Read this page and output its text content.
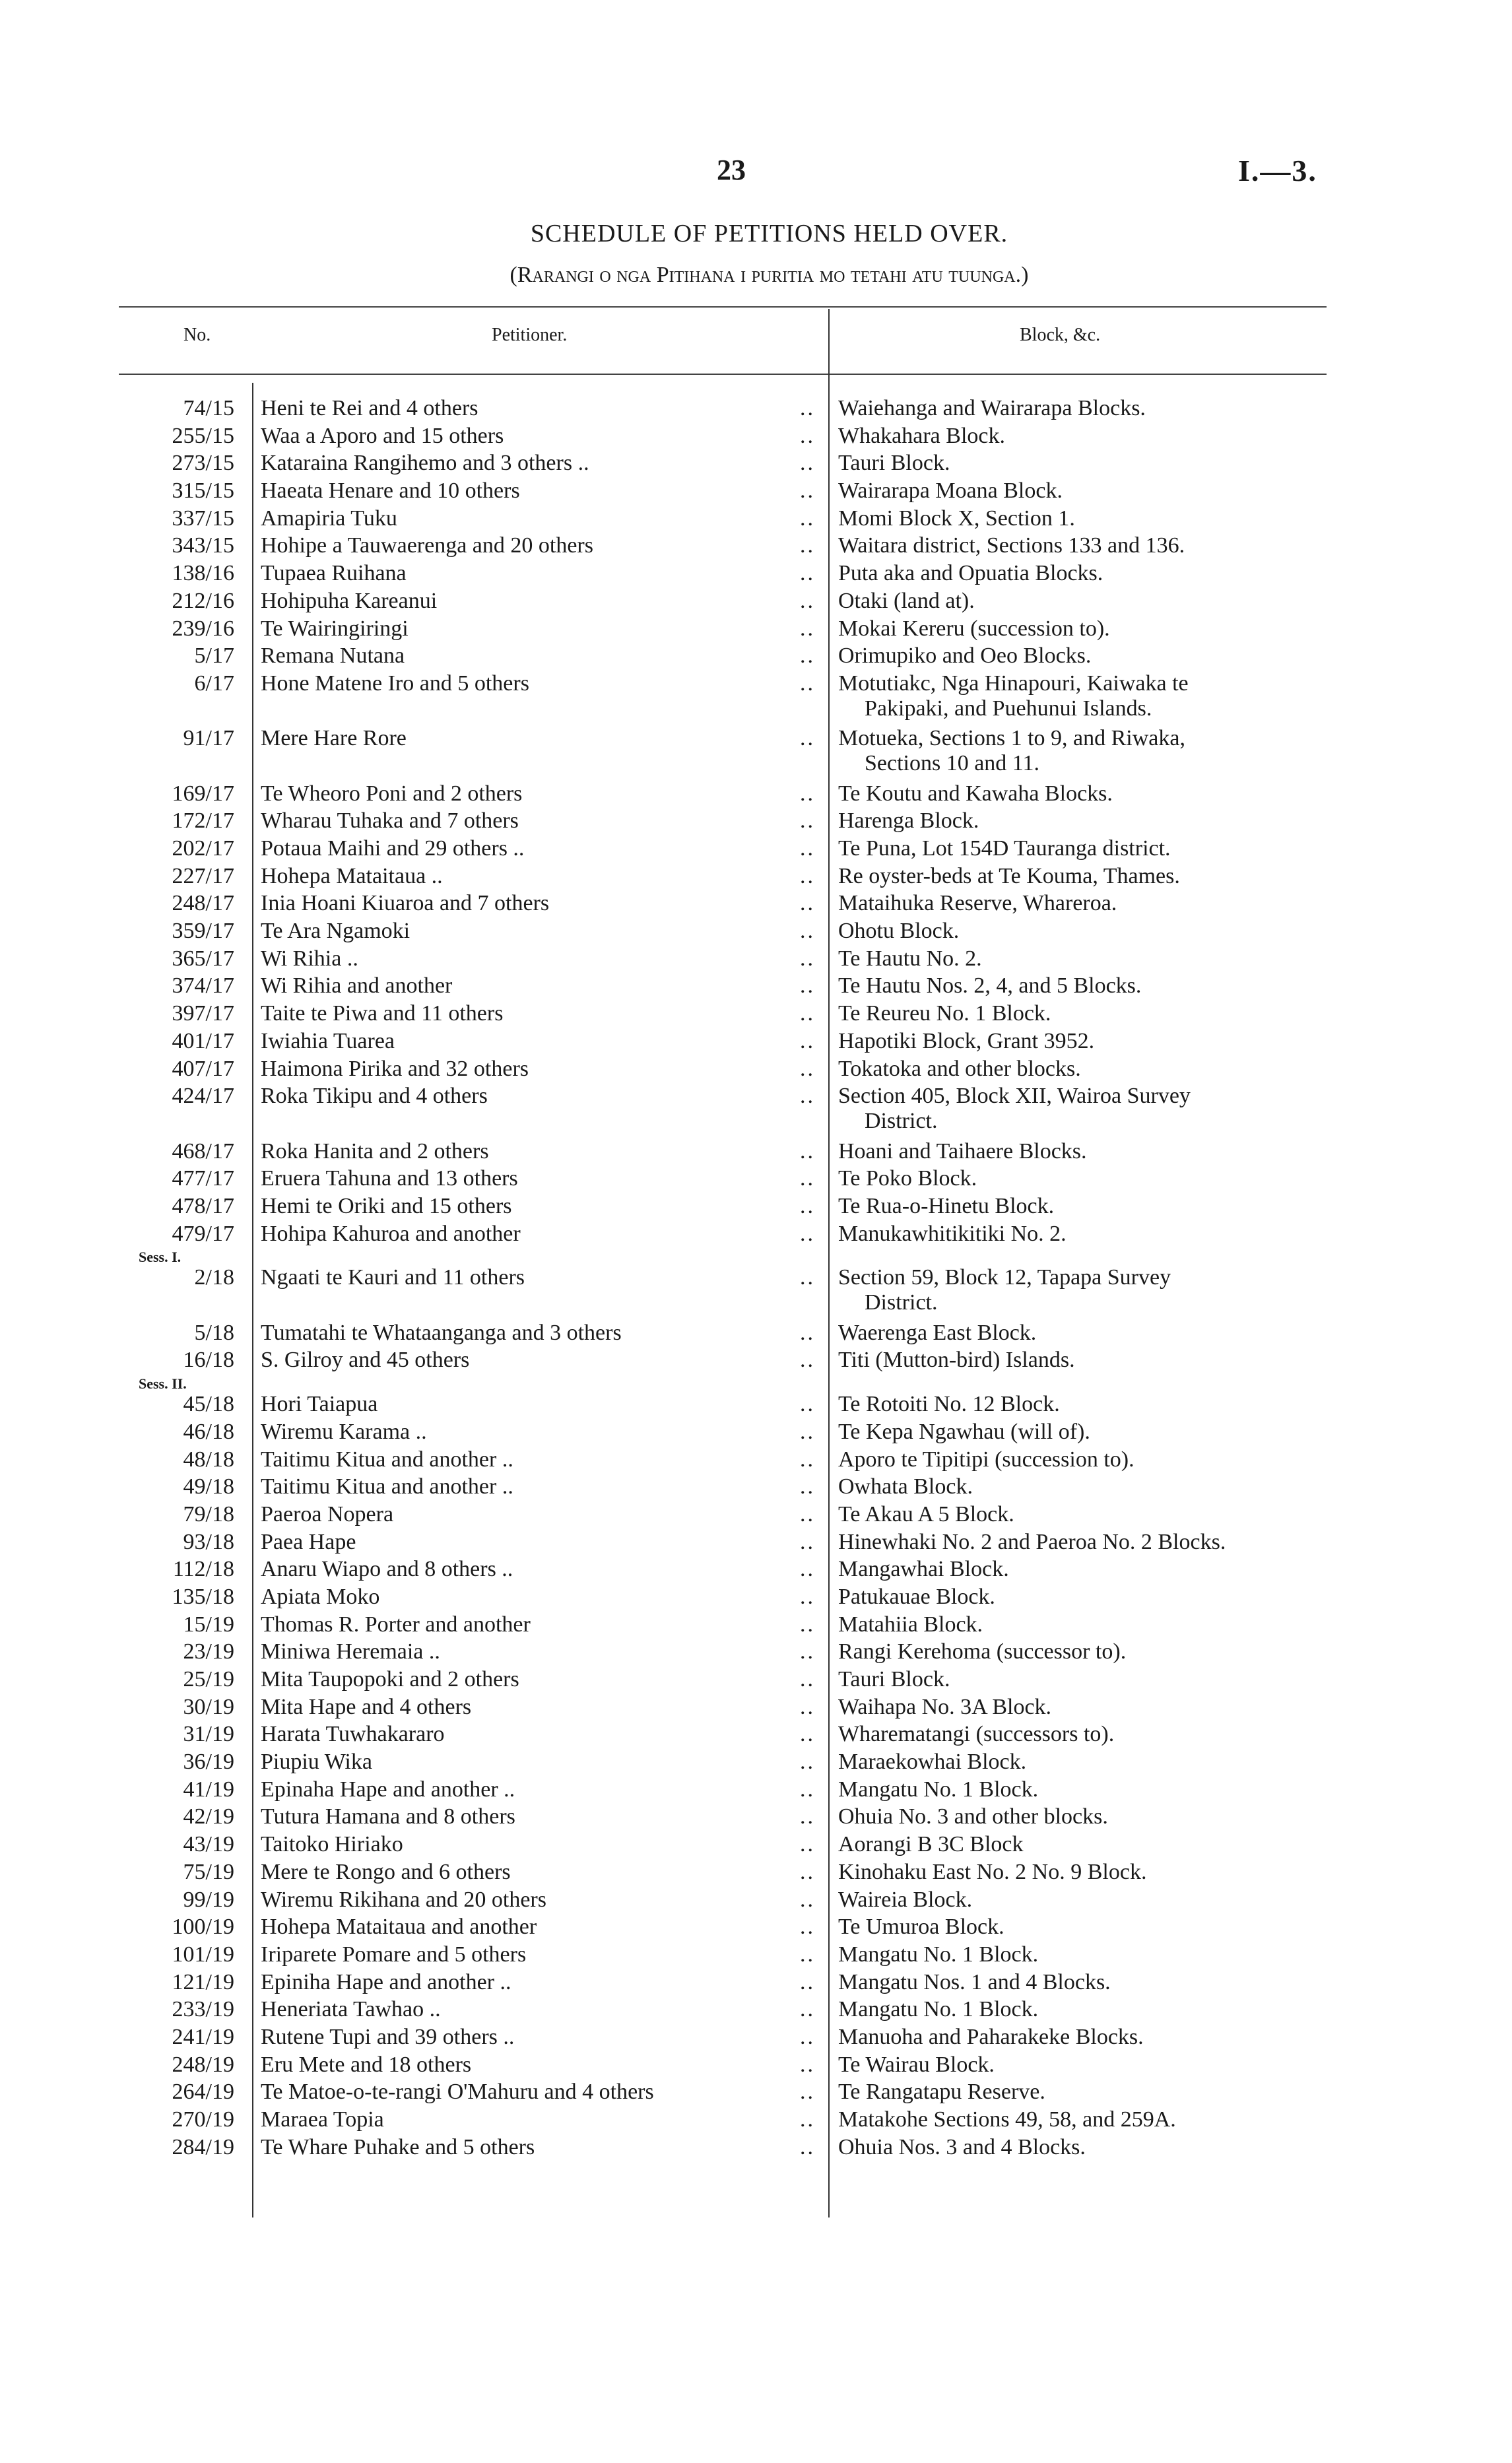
23	I.—3.
SCHEDULE OF PETITIONS HELD OVER.
(Rarangi o nga Pitihana i puritia mo tetahi atu tuunga.)
No.	Petitioner.	Block, &c.
74/15 Heni te Rei and 4 others	.. Waiehanga and Wairarapa Blocks.
255/15 Waa a Aporo and 15 others	.. Whakahara Block.
273/15 Kataraina Rangihemo and 3 others ..	.. Tauri Block.
315/15 Haeata Henare and 10 others	.. Wairarapa Moana Block.
337/15 Amapiria Tuku	.. Momi Block X, Section 1.
343/15 Hohipe a Tauwaerenga and 20 others	.. Waitara district, Sections 133 and 136.
138/16 Tupaea Ruihana	.. Puta aka and Opuatia Blocks.
212/16 Hohipuha Kareanui	.. Otaki (land at).
239/16 Te Wairingiringi	.. Mokai Kereru (succession to).
5/17 Remana Nutana	.. Orimupiko and Oeo Blocks.
6/17 Hone Matene Iro and 5 others	.. Motutiakc, Nga Hinapouri, Kaiwaka te
Pakipaki, and Puehunui Islands.
91/17 Mere Hare Rore	.. Motueka, Sections 1 to 9, and Riwaka,
Sections 10 and 11.
169/17 Te Wheoro Poni and 2 others	.. Te Koutu and Kawaha Blocks.
172/17 Wharau Tuhaka and 7 others	.. Harenga Block.
202/17 Potaua Maihi and 29 others ..	.. Te Puna, Lot 154D Tauranga district.
227/17 Hohepa Mataitaua ..	.. Re oyster-beds at Te Kouma, Thames.
248/17 Inia Hoani Kiuaroa and 7 others	.. Mataihuka Reserve, Whareroa.
359/17 Te Ara Ngamoki	.. Ohotu Block.
365/17 Wi Rihia ..	.. Te Hautu No. 2.
374/17 Wi Rihia and another	.. Te Hautu Nos. 2, 4, and 5 Blocks.
397/17 Taite te Piwa and 11 others	.. Te Reureu No. 1 Block.
401/17 Iwiahia Tuarea	.. Hapotiki Block, Grant 3952.
407/17 Haimona Pirika and 32 others	.. Tokatoka and other blocks.
424/17 Roka Tikipu and 4 others	.. Section 405, Block XII, Wairoa Survey
District.
468/17 Roka Hanita and 2 others	.. Hoani and Taihaere Blocks.
477/17 Eruera Tahuna and 13 others	.. Te Poko Block.
478/17 Hemi te Oriki and 15 others	.. Te Rua-o-Hinetu Block.
479/17 Hohipa Kahuroa and another	.. Manukawhitikitiki No. 2.
Sess. I.
2/18 Ngaati te Kauri and 11 others	.. Section 59, Block 12, Tapapa Survey
District.
5/18 Tumatahi te Whataanganga and 3 others	.. Waerenga East Block.
16/18 S. Gilroy and 45 others	.. Titi (Mutton-bird) Islands.
Sess. II.
45/18 Hori Taiapua	.. Te Rotoiti No. 12 Block.
46/18 Wiremu Karama ..	.. Te Kepa Ngawhau (will of).
48/18 Taitimu Kitua and another ..	.. Aporo te Tipitipi (succession to).
49/18 Taitimu Kitua and another ..	.. Owhata Block.
79/18 Paeroa Nopera	.. Te Akau A 5 Block.
93/18 Paea Hape	.. Hinewhaki No. 2 and Paeroa No. 2 Blocks.
112/18 Anaru Wiapo and 8 others ..	.. Mangawhai Block.
135/18 Apiata Moko	.. Patukauae Block.
15/19 Thomas R. Porter and another	.. Matahiia Block.
23/19 Miniwa Heremaia ..	.. Rangi Kerehoma (successor to).
25/19 Mita Taupopoki and 2 others	.. Tauri Block.
30/19 Mita Hape and 4 others	.. Waihapa No. 3A Block.
31/19 Harata Tuwhakararo	.. Wharematangi (successors to).
36/19 Piupiu Wika	.. Maraekowhai Block.
41/19 Epinaha Hape and another ..	.. Mangatu No. 1 Block.
42/19 Tutura Hamana and 8 others	.. Ohuia No. 3 and other blocks.
43/19 Taitoko Hiriako	.. Aorangi B 3C Block
75/19 Mere te Rongo and 6 others	.. Kinohaku East No. 2 No. 9 Block.
99/19 Wiremu Rikihana and 20 others	.. Waireia Block.
100/19 Hohepa Mataitaua and another	.. Te Umuroa Block.
101/19 Iriparete Pomare and 5 others	.. Mangatu No. 1 Block.
121/19 Epiniha Hape and another ..	.. Mangatu Nos. 1 and 4 Blocks.
233/19 Heneriata Tawhao ..	.. Mangatu No. 1 Block.
241/19 Rutene Tupi and 39 others ..	.. Manuoha and Paharakeke Blocks.
248/19 Eru Mete and 18 others	.. Te Wairau Block.
264/19 Te Matoe-o-te-rangi O'Mahuru and 4 others	.. Te Rangatapu Reserve.
270/19 Maraea Topia	.. Matakohe Sections 49, 58, and 259A.
284/19 Te Whare Puhake and 5 others	.. Ohuia Nos. 3 and 4 Blocks.
